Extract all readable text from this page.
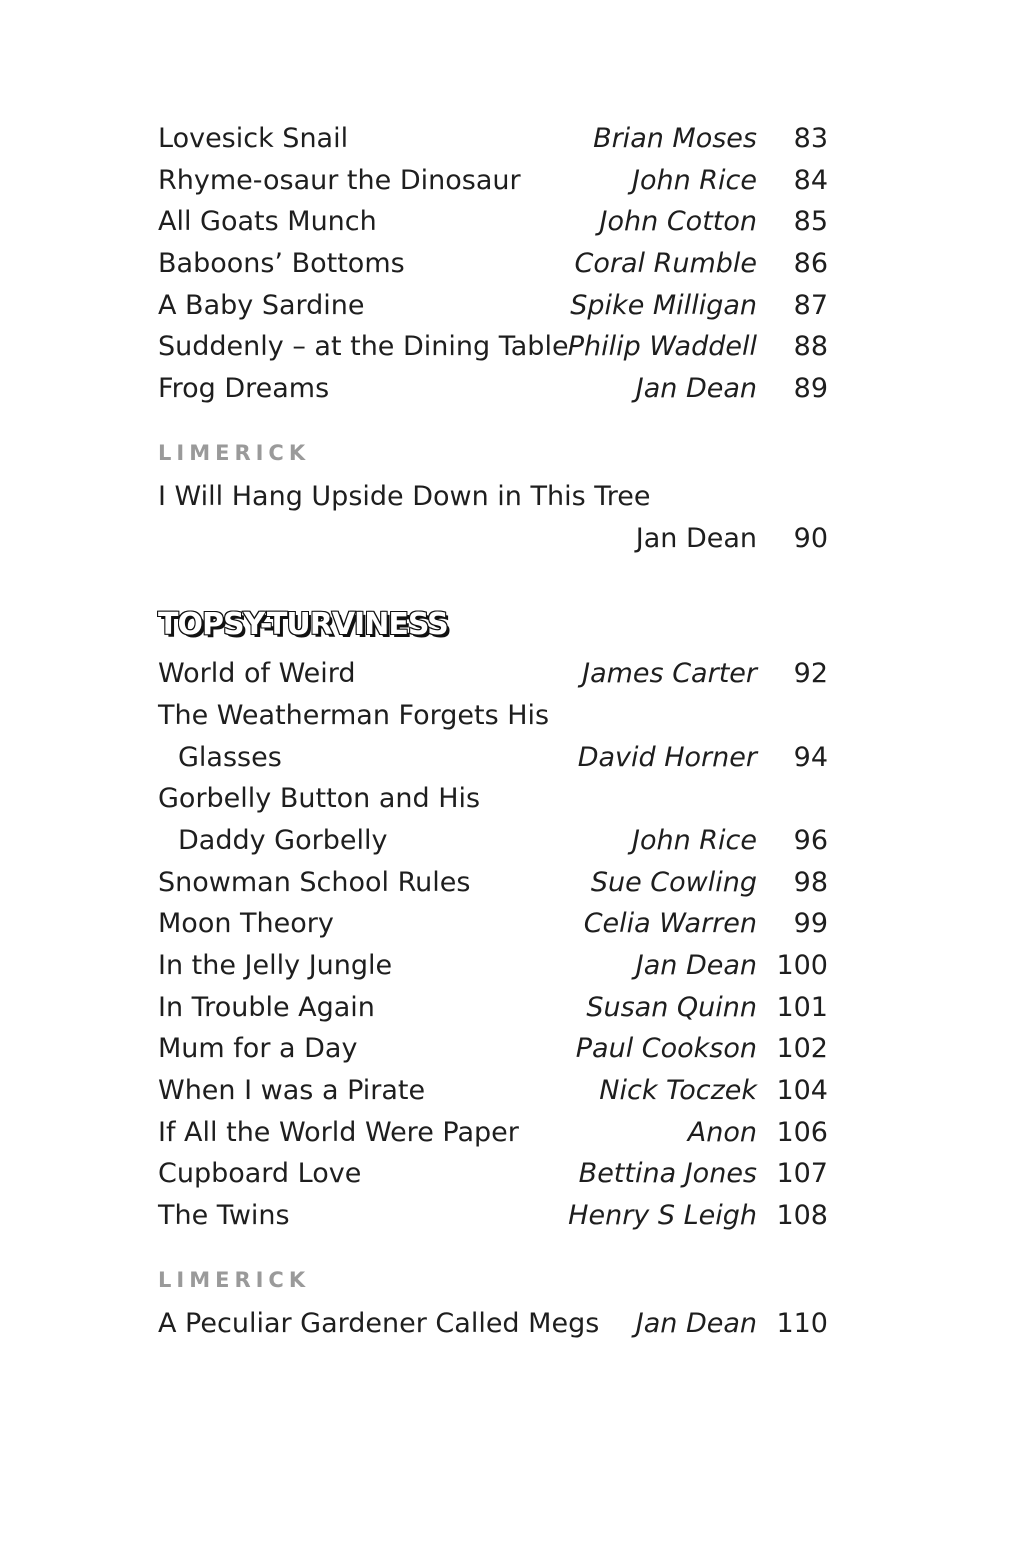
Lovesick Snail	Brian Moses 83
Rhyme-osaur the Dinosaur	John Rice 84
All Goats Munch	John Cotton 85
Baboons’ Bottoms	Coral Rumble 86
A Baby Sardine	Spike Milligan 87
Suddenly – at the Dining Table Philip Waddell 88
Frog Dreams	Jan Dean 89
LIMERICK
I Will Hang Upside Down in This Tree
Jan Dean 90
TOPSY-TURVINESS
World of Weird	James Carter 92
The Weatherman Forgets His
Glasses	David Horner 94
Gorbelly Button and His
Daddy Gorbelly	John Rice 96
Snowman School Rules	Sue Cowling 98
Moon Theory	Celia Warren 99
In the Jelly Jungle	Jan Dean 100
In Trouble Again	Susan Quinn 101
Mum for a Day	Paul Cookson 102
When I was a Pirate	Nick Toczek 104
If All the World Were Paper	Anon 106
Cupboard Love	Bettina Jones 107
The Twins	Henry S Leigh 108
LIMERICK
A Peculiar Gardener Called Megs Jan Dean 110
